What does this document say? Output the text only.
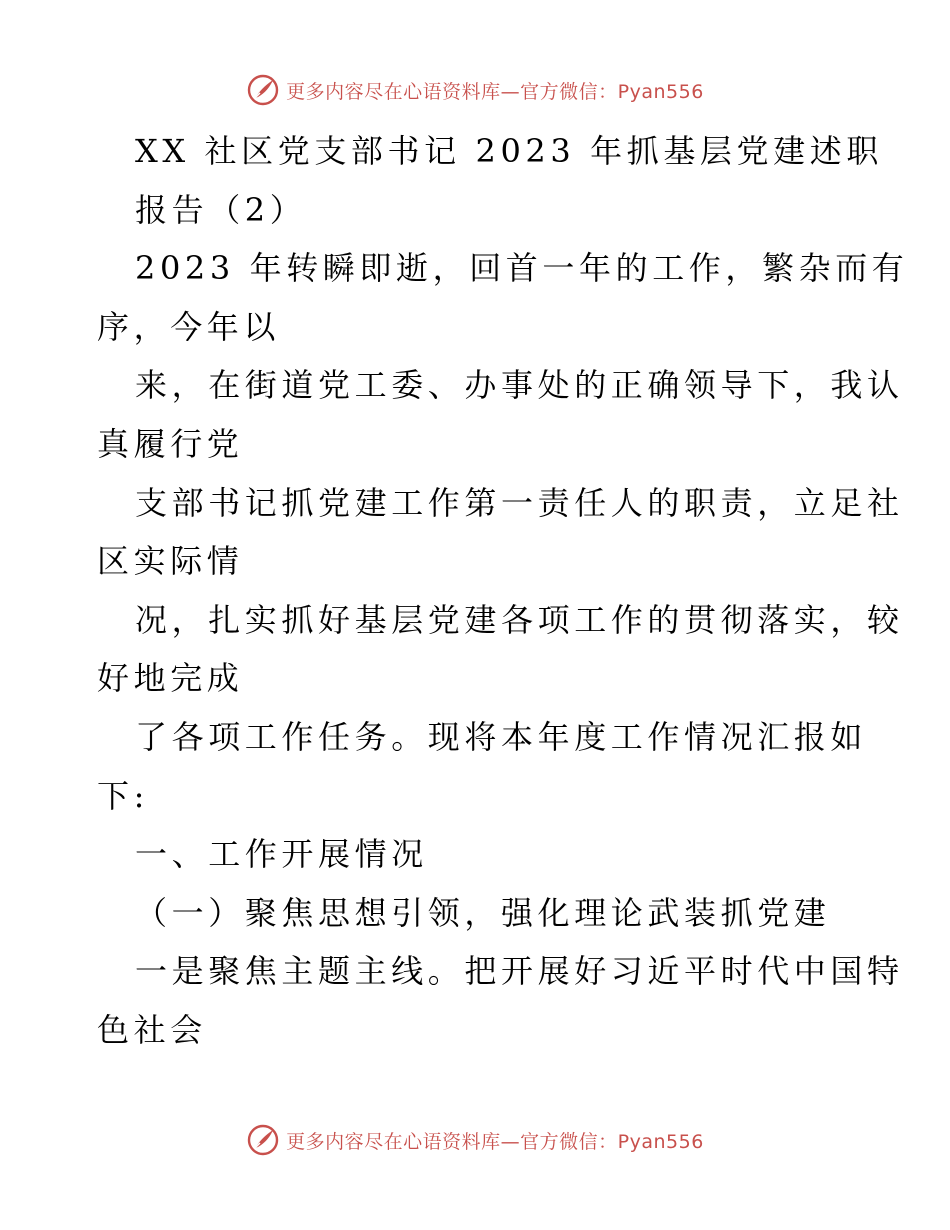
更多内容尽在心语资料库—官方微信：Pyan556
XX 社区党支部书记 2023 年抓基层党建述职
报告（2）
2023 年转瞬即逝，回首一年的工作，繁杂而有
序，今年以
来，在街道党工委、办事处的正确领导下，我认
真履行党
支部书记抓党建工作第一责任人的职责，立足社
区实际情
况，扎实抓好基层党建各项工作的贯彻落实，较
好地完成
了各项工作任务。现将本年度工作情况汇报如
下:
一、工作开展情况
（一）聚焦思想引领，强化理论武装抓党建
一是聚焦主题主线。把开展好习近平时代中国特
色社会
更多内容尽在心语资料库—官方微信：Pyan556
